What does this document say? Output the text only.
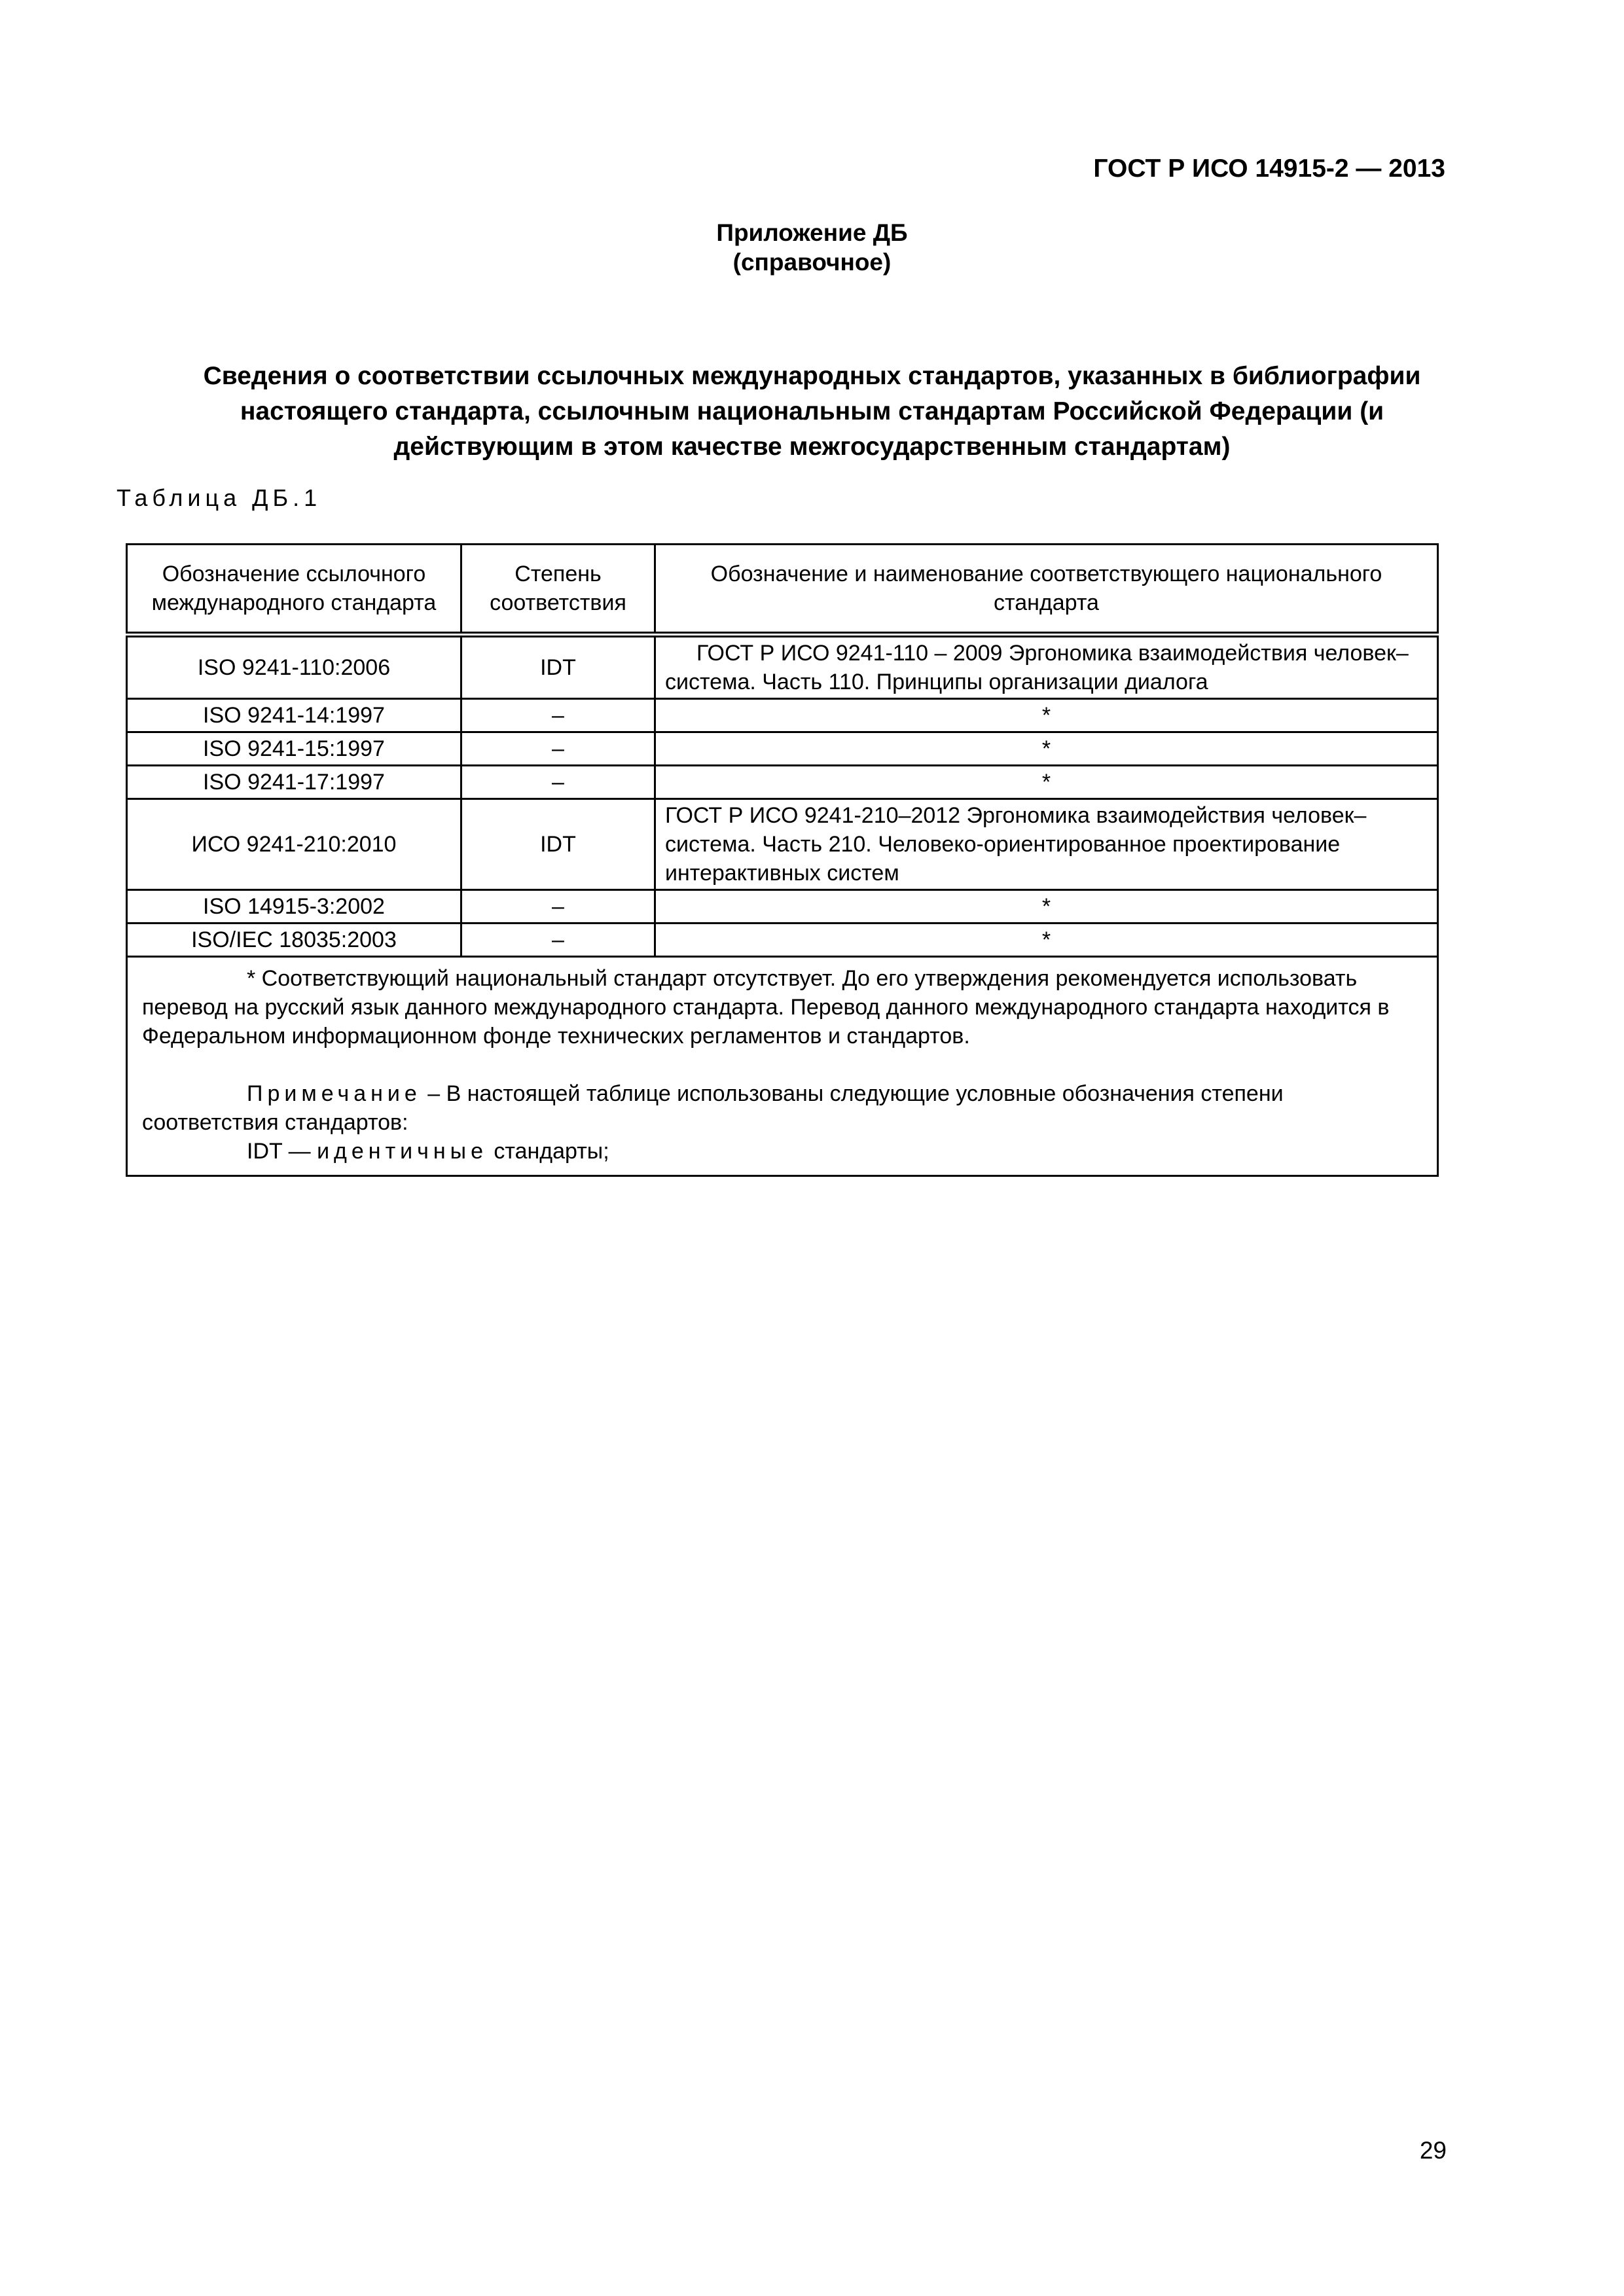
ГОСТ Р ИСО 14915-2 — 2013
Приложение ДБ
(справочное)
Сведения о соответствии ссылочных международных стандартов, указанных в библиографии
настоящего стандарта, ссылочным национальным стандартам Российской Федерации (и
действующим в этом качестве межгосударственным стандартам)
Таблица ДБ.1
Обозначение ссылочного международного стандарта	Степень соответствия	Обозначение и наименование соответствующего национального стандарта
ISO 9241-110:2006	IDT	ГОСТ Р ИСО 9241-110 – 2009 Эргономика взаимодействия человек–система. Часть 110. Принципы организации диалога
ISO 9241-14:1997	–	*
ISO 9241-15:1997	–	*
ISO 9241-17:1997	–	*
ИСО 9241-210:2010	IDT	ГОСТ Р ИСО 9241-210–2012 Эргономика взаимодействия человек–система. Часть 210. Человеко-ориентированное проектирование интерактивных систем
ISO 14915-3:2002	–	*
ISO/IEC 18035:2003	–	*

* Соответствующий национальный стандарт отсутствует. До его утверждения рекомендуется использовать перевод на русский язык данного международного стандарта. Перевод данного международного стандарта находится в Федеральном информационном фонде технических регламентов и стандартов.
Примечание – В настоящей таблице использованы следующие условные обозначения степени соответствия стандартов:
IDT — идентичные стандарты;		
29
